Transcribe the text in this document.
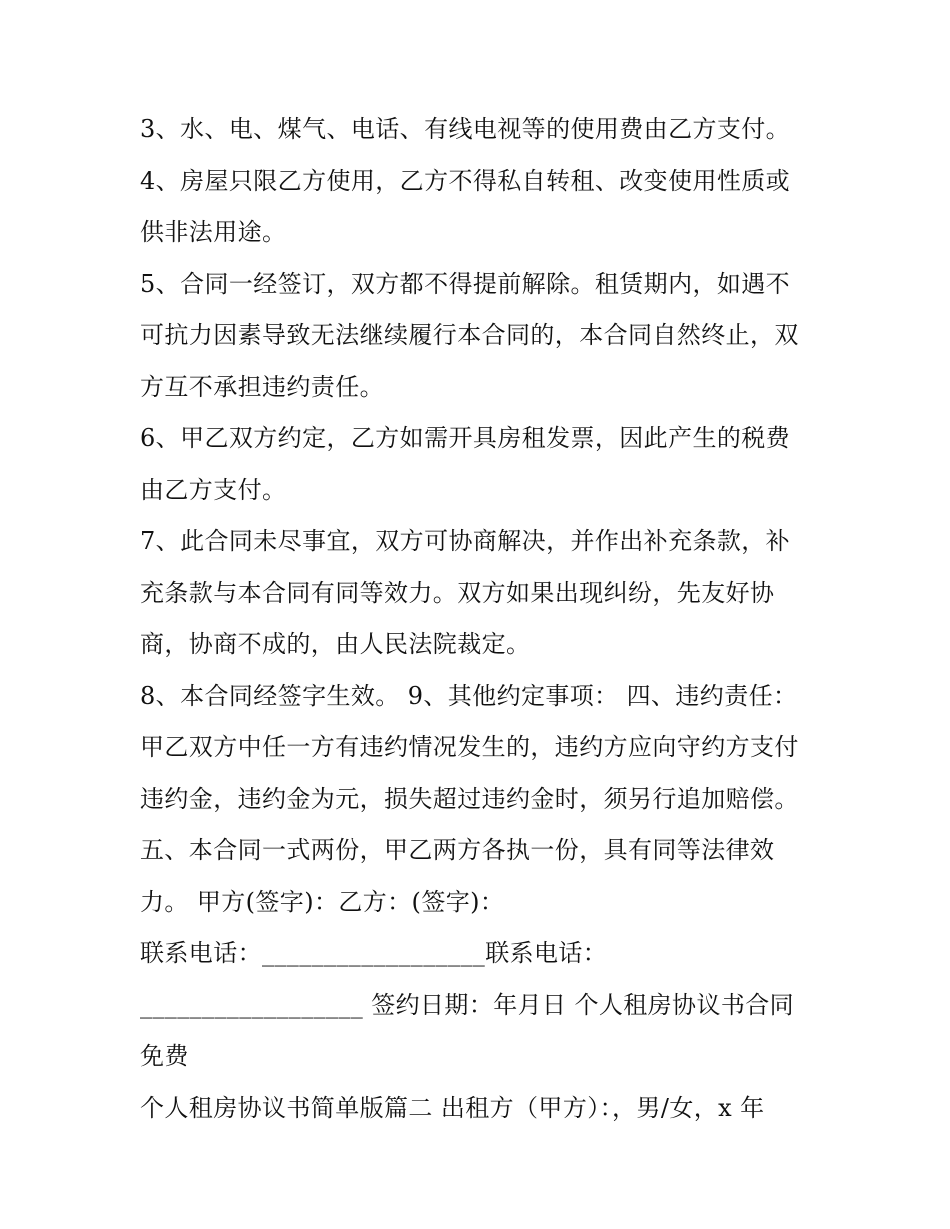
3、水、电、煤气、电话、有线电视等的使用费由乙方支付。
4、房屋只限乙方使用，乙方不得私自转租、改变使用性质或
供非法用途。
5、合同一经签订，双方都不得提前解除。租赁期内，如遇不
可抗力因素导致无法继续履行本合同的，本合同自然终止，双
方互不承担违约责任。
6、甲乙双方约定，乙方如需开具房租发票，因此产生的税费
由乙方支付。
7、此合同未尽事宜，双方可协商解决，并作出补充条款，补
充条款与本合同有同等效力。双方如果出现纠纷，先友好协
商，协商不成的，由人民法院裁定。
8、本合同经签字生效。 9、其他约定事项： 四、违约责任：
甲乙双方中任一方有违约情况发生的，违约方应向守约方支付
违约金，违约金为元，损失超过违约金时，须另行追加赔偿。
五、本合同一式两份，甲乙两方各执一份，具有同等法律效
力。 甲方(签字)：乙方：(签字)：
联系电话：__________________联系电话：
__________________ 签约日期：年月日 个人租房协议书合同
免费
个人租房协议书简单版篇二 出租方（甲方）：，男/女，x 年
